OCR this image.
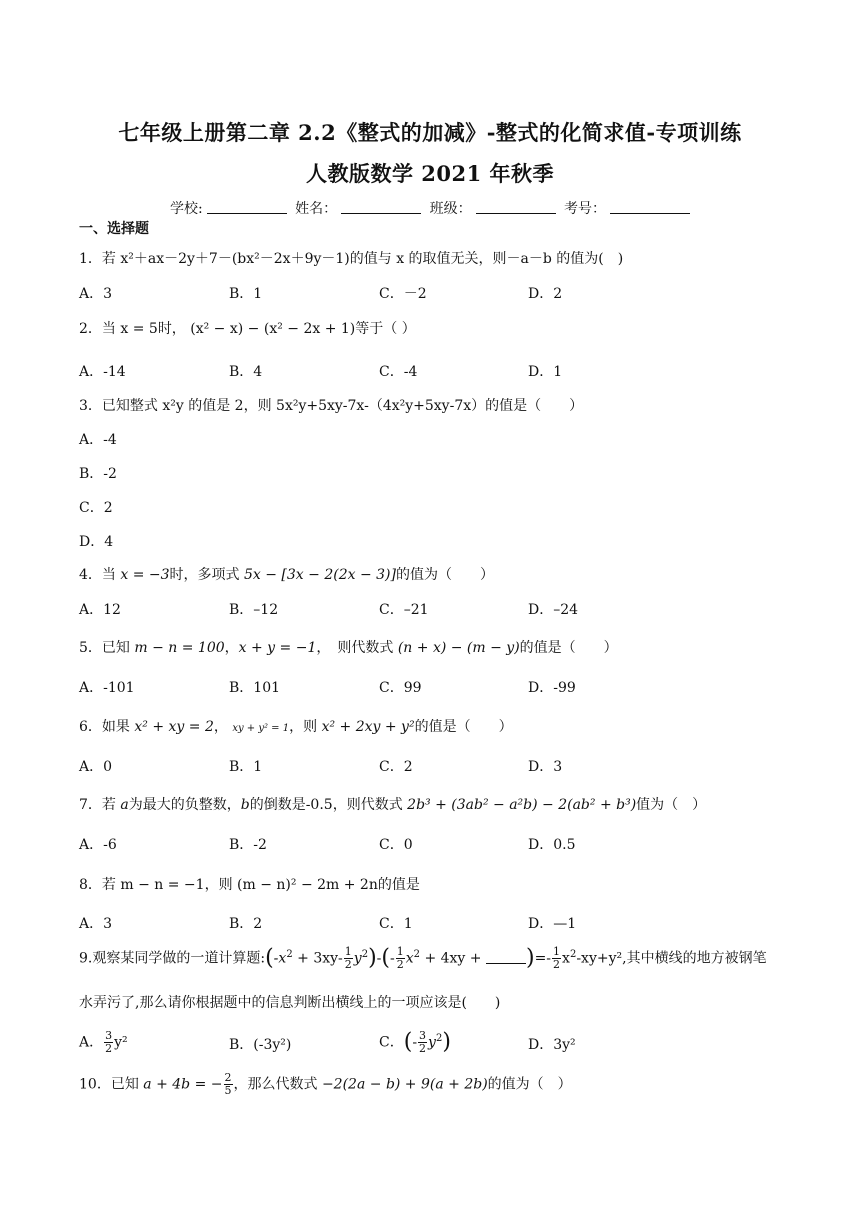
七年级上册第二章 2.2《整式的加减》-整式的化简求值-专项训练
人教版数学 2021 年秋季
学校:	姓名：	班级：	考号：
一、选择题
1．若 x²＋ax－2y＋7－(bx²－2x＋9y－1)的值与 x 的取值无关，则－a－b 的值为(　)
A．3	B．1	C．－2	D．2
2．当 x = 5时， (x² − x) − (x² − 2x + 1)等于（ ）
A．-14	B．4	C．-4	D．1
3．已知整式 x²y 的值是 2，则 5x²y+5xy-7x-（4x²y+5xy-7x）的值是（　　）
A．-4
B．-2
C．2
D．4
4．当 x = −3时，多项式 5x − [3x − 2(2x − 3)]的值为（　　）
A．12	B．–12	C．–21	D．–24
5．已知 m − n = 100，x + y = −1，　则代数式 (n + x) − (m − y)的值是（　　）
A．-101	B．101	C．99	D．-99
6．如果 x² + xy = 2， xy + y² = 1，则 x² + 2xy + y²的值是（　　）
A．0	B．1	C．2	D．3
7．若 a为最大的负整数，b的倒数是-0.5，则代数式 2b³ + (3ab² − a²b) − 2(ab² + b³)值为（　）
A．-6	B．-2	C．0	D．0.5
8．若 m − n = −1，则 (m − n)² − 2m + 2n的值是
A．3	B．2	C．1	D．—1
9.观察某同学做的一道计算题$:(-x^2 + 3xy- \frac{1}{2} y^2)-(- \frac{1}{2} x^2 + 4xy$ + )=- $\frac{1}{2} x^2-xy+y^2$,其中横线的地方被钢笔
水弄污了,那么请你根据题中的信息判断出横线上的一项应该是(　　)
A． $\frac{3}{2} y^2$	B．(-3y²)	C．(- $\frac{3}{2} y^2$)	D．3y²
10．已知 a + 4b = − $\frac{2}{5}$ ，那么代数式 −2(2a − b) + 9(a + 2b)的值为（　）
